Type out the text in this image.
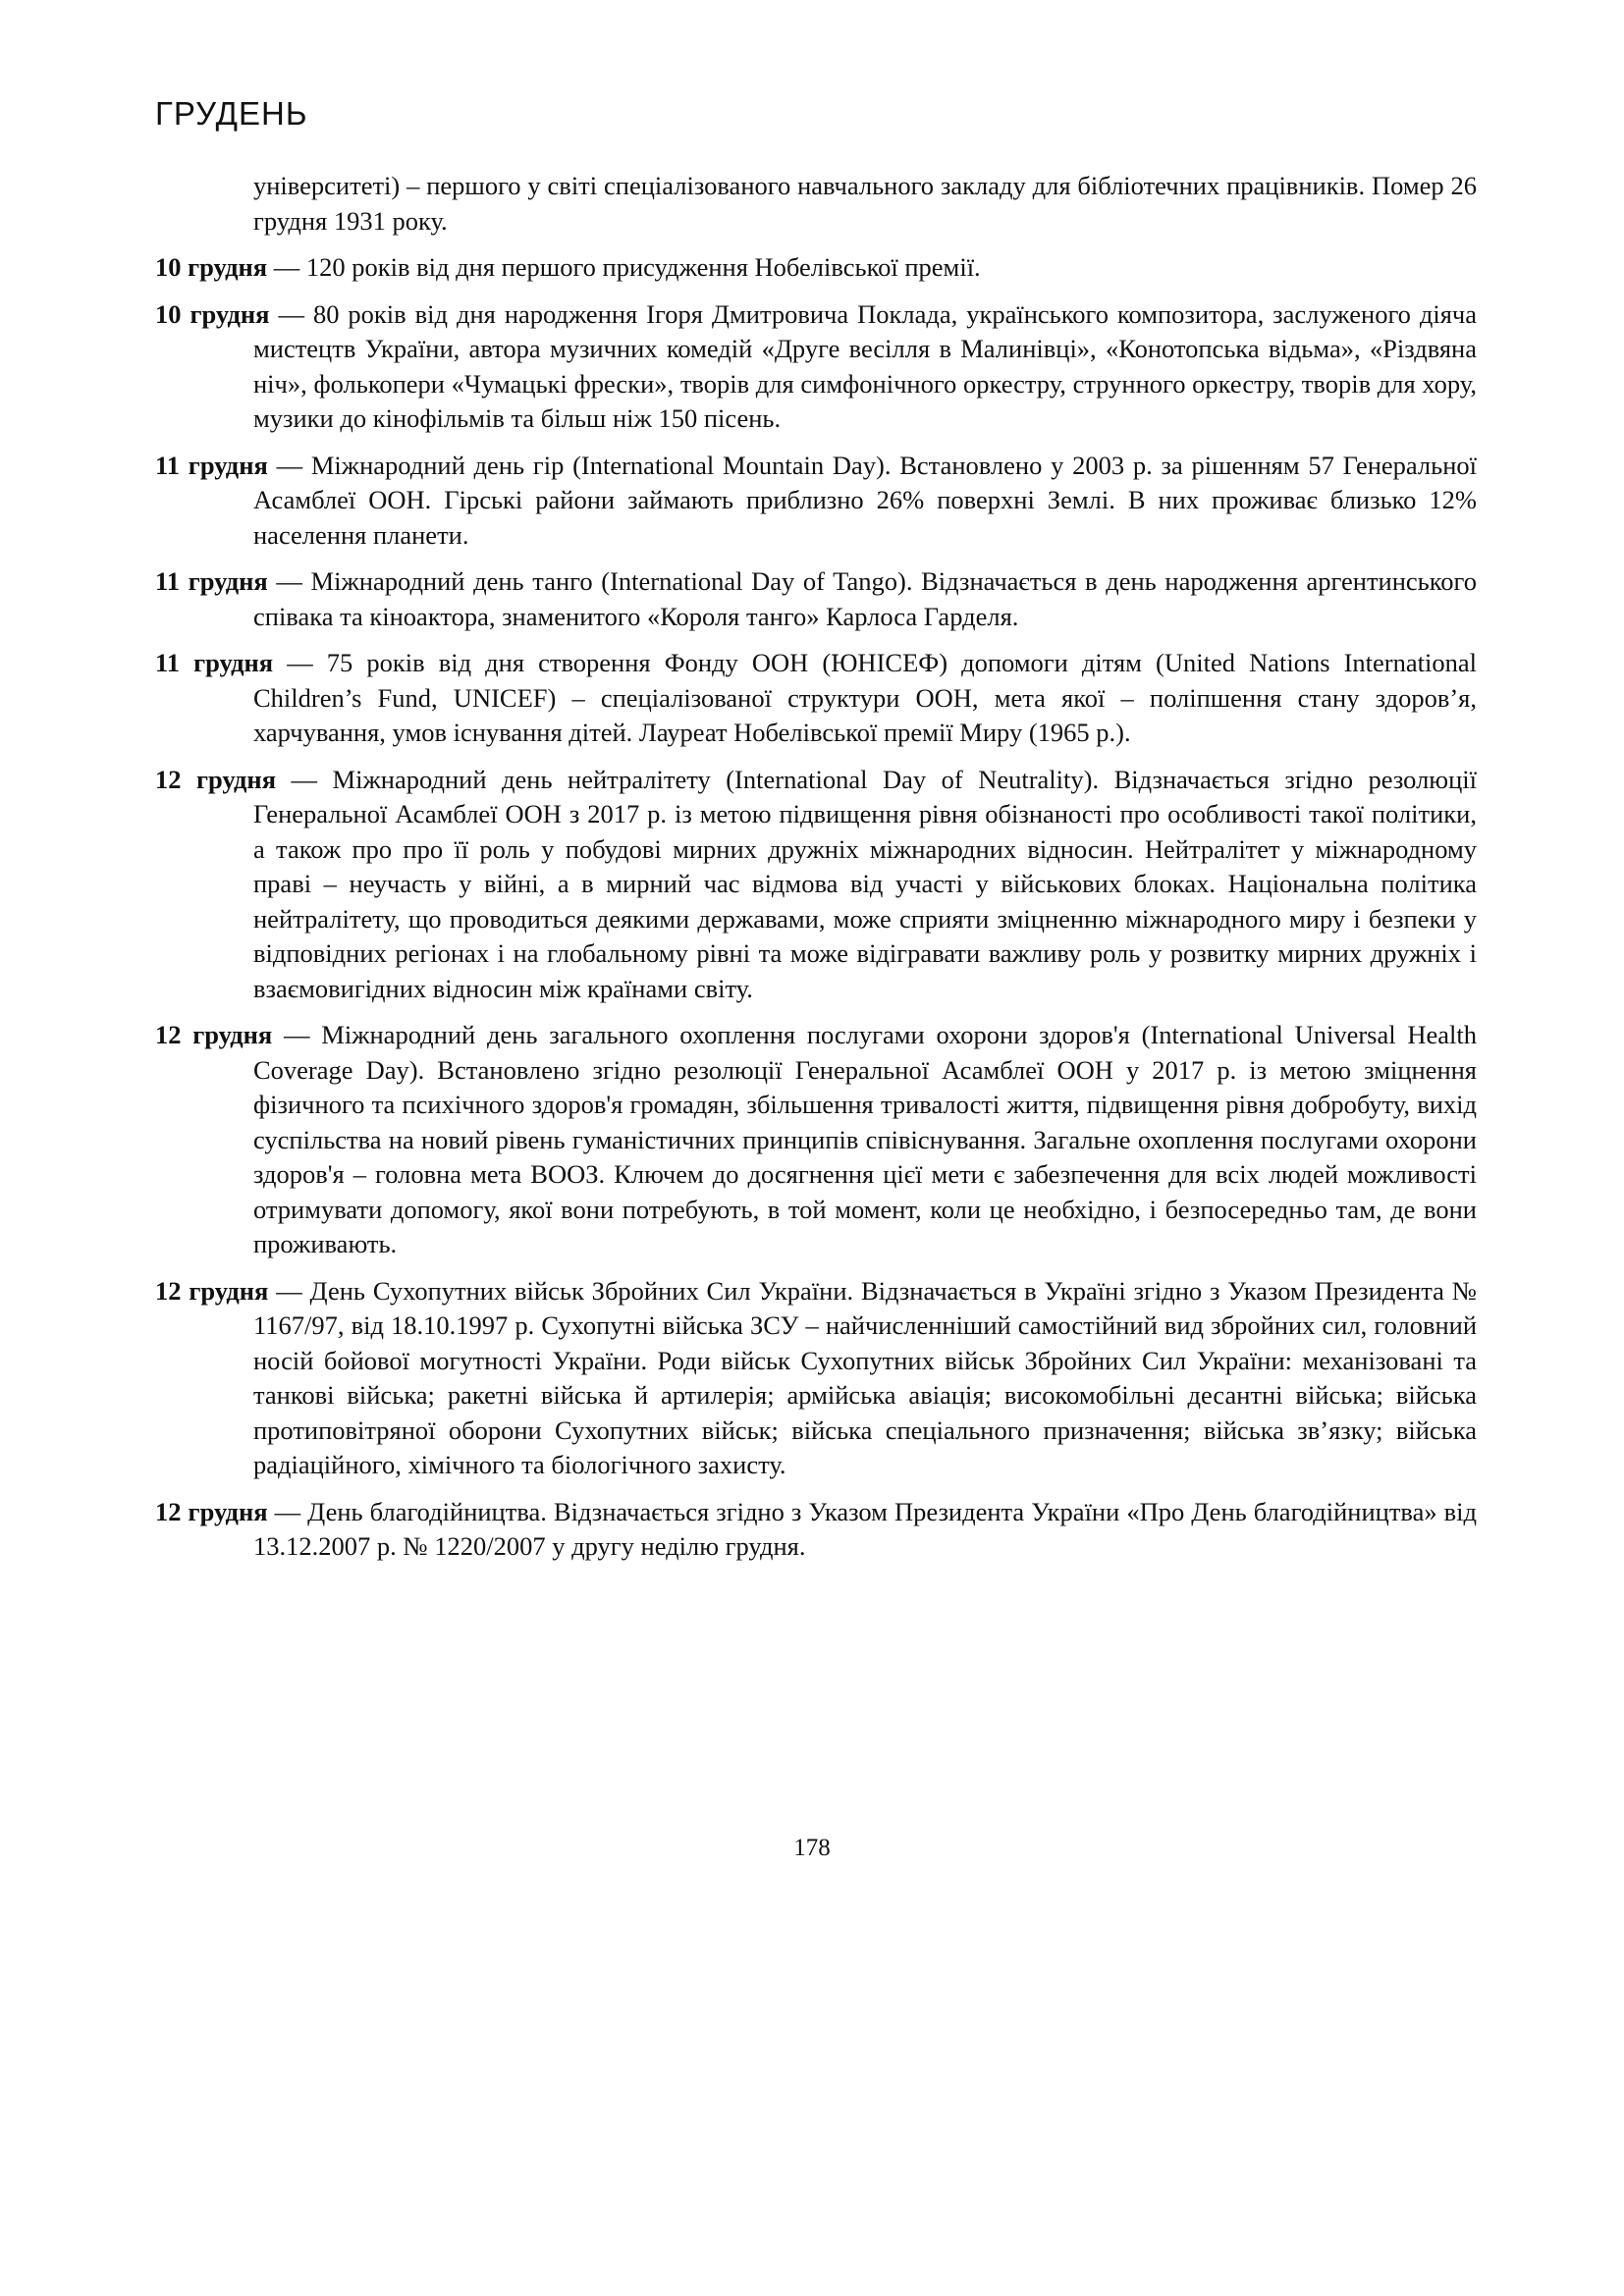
ГРУДЕНЬ

університеті) – першого у світі спеціалізованого навчального закладу для бібліотечних працівників. Помер 26 грудня 1931 року.

10 грудня — 120 років від дня першого присудження Нобелівської премії.

10 грудня — 80 років від дня народження Ігоря Дмитровича Поклада, українського композитора, заслуженого діяча мистецтв України, автора музичних комедій «Друге весілля в Малинівці», «Конотопська відьма», «Різдвяна ніч», фолькопери «Чумацькі фрески», творів для симфонічного оркестру, струнного оркестру, творів для хору, музики до кінофільмів та більш ніж 150 пісень.

11 грудня — Міжнародний день гір (International Mountain Day). Встановлено у 2003 р. за рішенням 57 Генеральної Асамблеї ООН. Гірські райони займають приблизно 26% поверхні Землі. В них проживає близько 12% населення планети.

11 грудня — Міжнародний день танго (International Day of Tango). Відзначається в день народження аргентинського співака та кіноактора, знаменитого «Короля танго» Карлоса Гарделя.

11 грудня — 75 років від дня створення Фонду ООН (ЮНІСЕФ) допомоги дітям (United Nations International Children’s Fund, UNICEF) – спеціалізованої структури ООН, мета якої – поліпшення стану здоров’я, харчування, умов існування дітей. Лауреат Нобелівської премії Миру (1965 р.).

12 грудня — Міжнародний день нейтралітету (International Day of Neutrality). Відзначається згідно резолюції Генеральної Асамблеї ООН з 2017 р. із метою підвищення рівня обізнаності про особливості такої політики, а також про про її роль у побудові мирних дружніх міжнародних відносин. Нейтралітет у міжнародному праві – неучасть у війні, а в мирний час відмова від участі у військових блоках. Національна політика нейтралітету, що проводиться деякими державами, може сприяти зміцненню міжнародного миру і безпеки у відповідних регіонах і на глобальному рівні та може відігравати важливу роль у розвитку мирних дружніх і взаємовигідних відносин між країнами світу.

12 грудня — Міжнародний день загального охоплення послугами охорони здоров'я (International Universal Health Coverage Day). Встановлено згідно резолюції Генеральної Асамблеї ООН у 2017 р. із метою зміцнення фізичного та психічного здоров'я громадян, збільшення тривалості життя, підвищення рівня добробуту, вихід суспільства на новий рівень гуманістичних принципів співіснування. Загальне охоплення послугами охорони здоров'я – головна мета ВООЗ. Ключем до досягнення цієї мети є забезпечення для всіх людей можливості отримувати допомогу, якої вони потребують, в той момент, коли це необхідно, і безпосередньо там, де вони проживають.

12 грудня — День Сухопутних військ Збройних Сил України. Відзначається в Україні згідно з Указом Президента № 1167/97, від 18.10.1997 р. Сухопутні війська ЗСУ – найчисленніший самостійний вид збройних сил, головний носій бойової могутності України. Роди військ Сухопутних військ Збройних Сил України: механізовані та танкові війська; ракетні війська й артилерія; армійська авіація; високомобільні десантні війська; війська протиповітряної оборони Сухопутних військ; війська спеціального призначення; війська зв’язку; війська радіаційного, хімічного та біологічного захисту.

12 грудня — День благодійництва. Відзначається згідно з Указом Президента України «Про День благодійництва» від 13.12.2007 р. № 1220/2007 у другу неділю грудня.

178
